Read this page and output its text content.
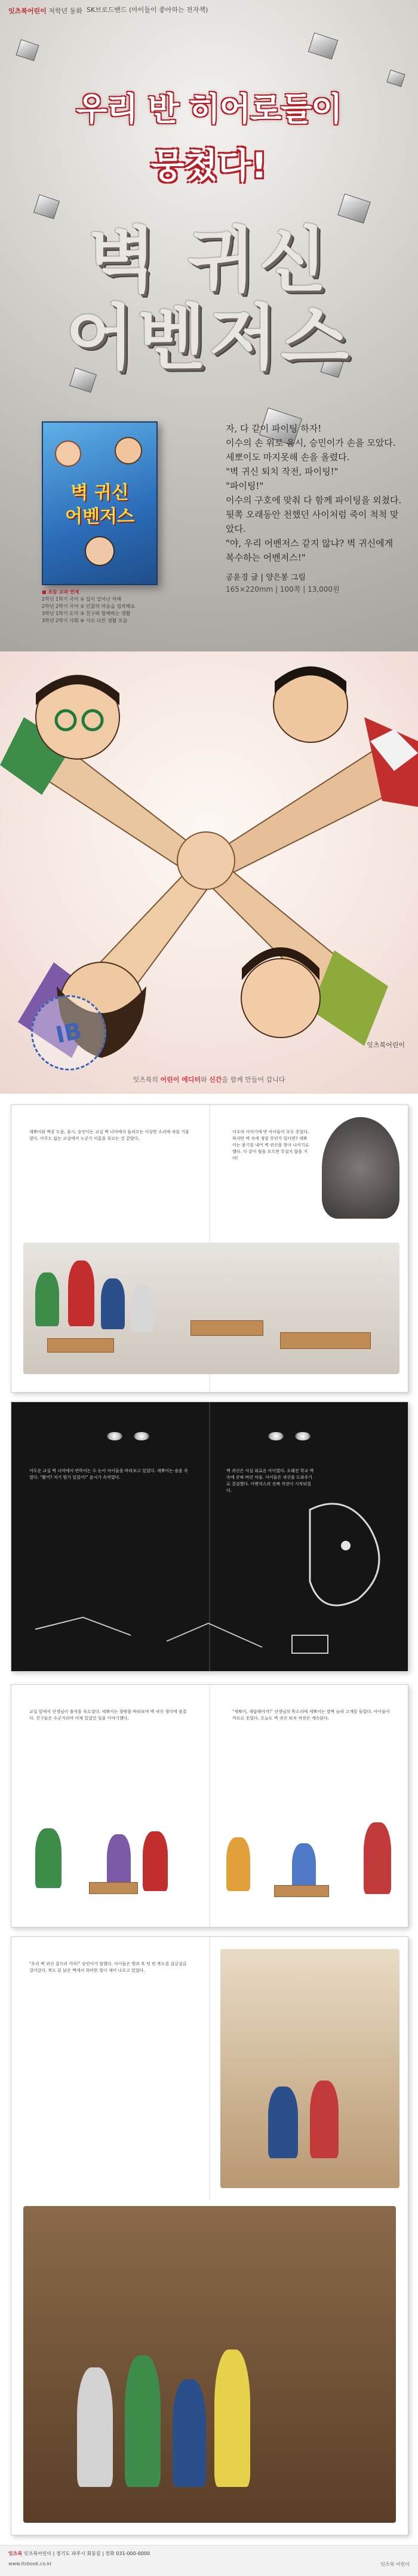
잇츠북어린이 저학년 동화 SK브로드밴드 (아이들이 좋아하는 전자책)
우리 반 히어로들이
뭉쳤다!
벽 귀신
어벤저스
벽 귀신
어벤저스
■ 초등 교과 연계
2학년 1학기 국어 ① 일이 일어난 차례
2학년 2학기 국어 ② 인물의 마음을 짐작해요
3학년 1학기 도덕 ③ 친구와 함께하는 생활
3학년 2학기 사회 ④ 서로 다른 생활 모습

자, 다 같이 파이팅 하자!

이수의 손 위로 윤시, 승민이가 손을 모았다.

세뽀이도 마지못해 손을 올렸다.

"벽 귀신 퇴치 작전, 파이팅!"

"파이팅!"

이수의 구호에 맞춰 다 함께 파이팅을 외쳤다.

뒷쪽 오래동안 천했던 사이처럼 죽이 척척 맞았다.

"야, 우리 어벤저스 같지 않냐? 벽 귀신에게

복수하는 어벤저스!"

공윤경 글 | 양은봉 그림
165×220mm | 100쪽 | 13,000원
IB	잇츠북어린이
잇츠북의 어린이 에디터와 신간을 함께 만들어 갑니다
세뽀이와 짝꿍 도윤, 윤시, 승민이는 교실 벽 너머에서 들려오는 이상한 소리에 귀를 기울였다. 아무도 없는 교실에서 누군가 이름을 부르는 것 같았다.
이수의 이야기에 반 아이들이 모두 웃었다. 하지만 벽 속에 정말 무언가 있다면? 세뽀이는 용기를 내어 벽 귀신을 찾아 나서기로 했다. 다 같이 힘을 모으면 무섭지 않을 거야!
어두운 교실 벽 너머에서 번뜩이는 두 눈이 아이들을 바라보고 있었다. 세뽀이는 숨을 죽였다. "봤어? 저기 뭔가 있었어!" 윤시가 속삭였다.
벽 귀신은 사실 외로운 아이였다. 오래전 학교 벽 속에 갇혀 버린 마음. 아이들은 귀신을 도와주기로 결심했다. 어벤저스의 진짜 작전이 시작되었다.
교실 앞에서 선생님이 출석을 부르셨다. 세뽀이는 창밖을 바라보며 벽 귀신 생각에 잠겼다. 친구들은 수군거리며 어제 있었던 일을 이야기했다.
"세뽀이, 대답해야지!" 선생님의 목소리에 세뽀이는 깜짝 놀라 고개를 들었다. 아이들이 까르르 웃었다. 오늘도 벽 귀신 퇴치 작전은 계속된다.
"우리 벽 귀신 잡으러 가자!" 승민이가 말했다. 아이들은 방과 후 텅 빈 복도를 살금살금 걸어갔다. 복도 끝 낡은 벽에서 희미한 빛이 새어 나오고 있었다.
잇츠북 잇츠북어린이 | 경기도 파주시 회동길 | 전화 031-000-0000
www.itsbook.co.kr	잇츠북 어린이
